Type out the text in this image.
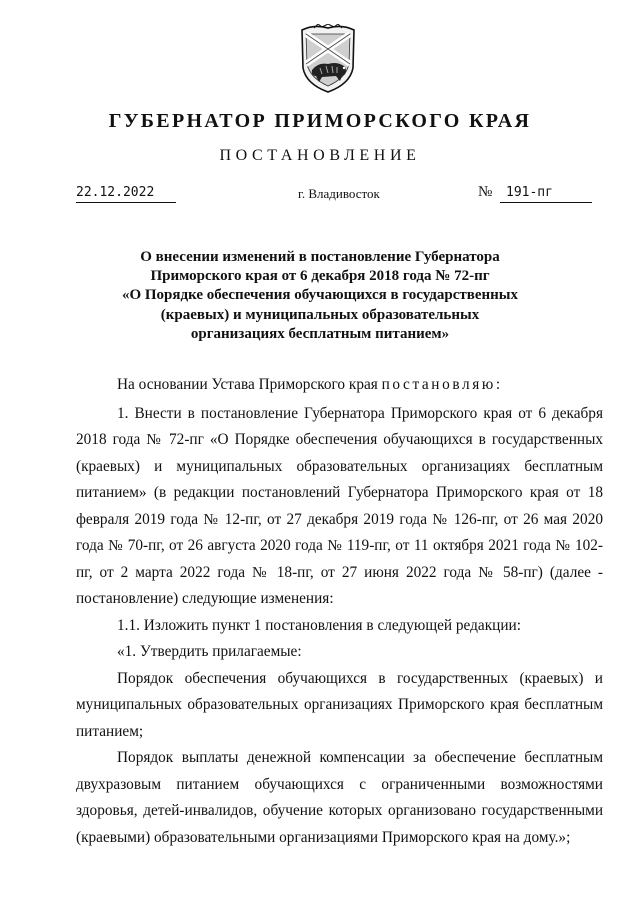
ГУБЕРНАТОР ПРИМОРСКОГО КРАЯ
ПОСТАНОВЛЕНИЕ
22.12.2022	г. Владивосток	№	191-пг
О внесении изменений в постановление Губернатора
Приморского края от 6 декабря 2018 года № 72-пг
«О Порядке обеспечения обучающихся в государственных
(краевых) и муниципальных образовательных
организациях бесплатным питанием»

На основании Устава Приморского края постановляю:

1. Внести в постановление Губернатора Приморского края от 6 декабря 2018 года № 72-пг «О Порядке обеспечения обучающихся в государственных (краевых) и муниципальных образовательных организациях бесплатным питанием» (в редакции постановлений Губернатора Приморского края от 18 февраля 2019 года № 12-пг, от 27 декабря 2019 года № 126-пг, от 26 мая 2020 года № 70-пг, от 26 августа 2020 года № 119-пг, от 11 октября 2021 года № 102-пг, от 2 марта 2022 года № 18-пг, от 27 июня 2022 года № 58-пг) (далее - постановление) следующие изменения:

1.1. Изложить пункт 1 постановления в следующей редакции:

«1. Утвердить прилагаемые:

Порядок обеспечения обучающихся в государственных (краевых) и муниципальных образовательных организациях Приморского края бесплатным питанием;

Порядок выплаты денежной компенсации за обеспечение бесплатным двухразовым питанием обучающихся с ограниченными возможностями здоровья, детей-инвалидов, обучение которых организовано государственными (краевыми) образовательными организациями Приморского края на дому.»;
